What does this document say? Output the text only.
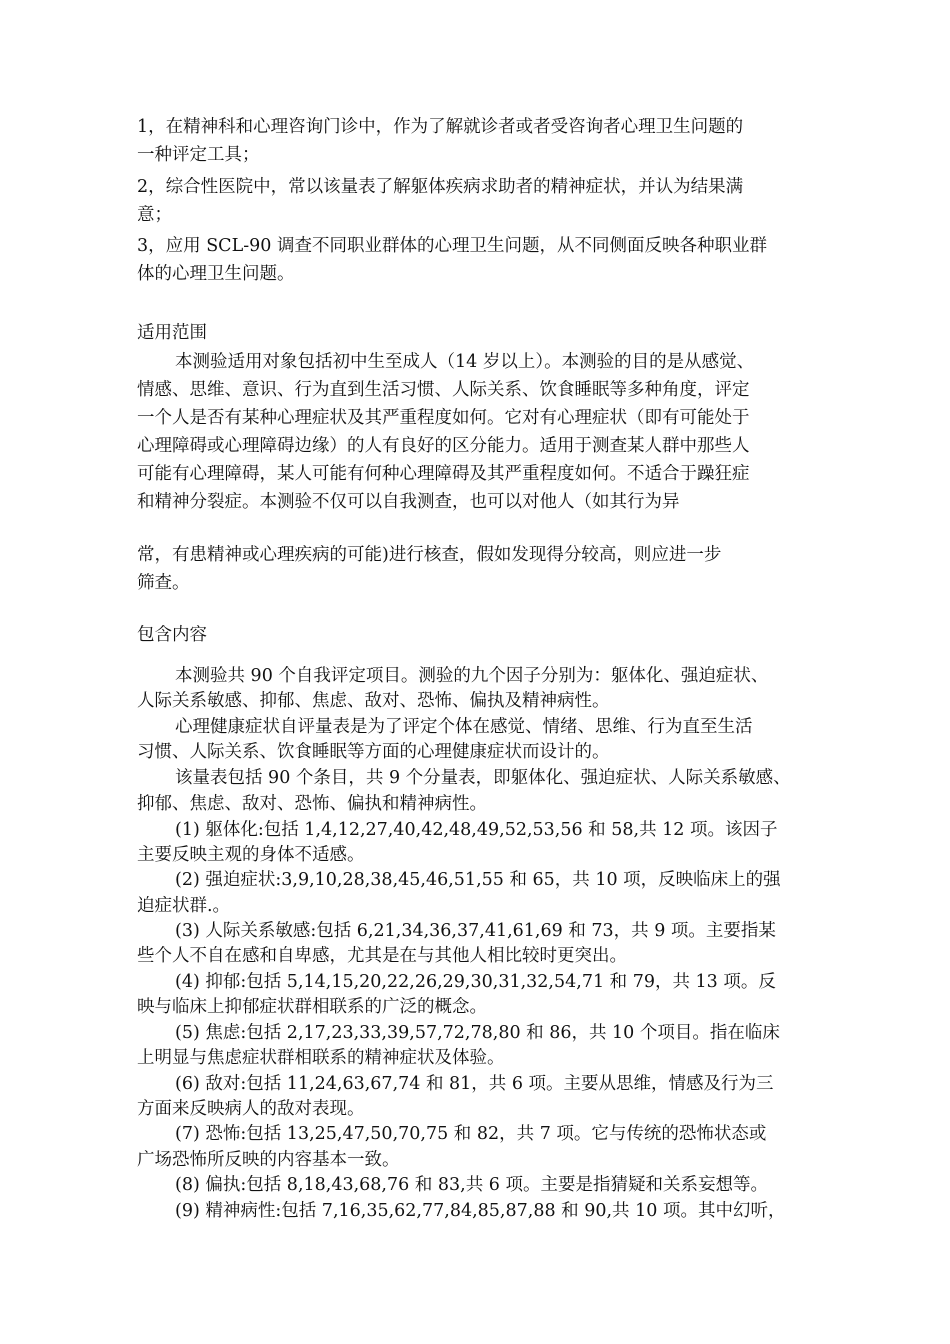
1，在精神科和心理咨询门诊中，作为了解就诊者或者受咨询者心理卫生问题的
一种评定工具；
2，综合性医院中，常以该量表了解躯体疾病求助者的精神症状，并认为结果满
意；
3，应用 SCL-90 调查不同职业群体的心理卫生问题，从不同侧面反映各种职业群
体的心理卫生问题。
适用范围
本测验适用对象包括初中生至成人（14 岁以上）。本测验的目的是从感觉、
情感、思维、意识、行为直到生活习惯、人际关系、饮食睡眠等多种角度，评定
一个人是否有某种心理症状及其严重程度如何。它对有心理症状（即有可能处于
心理障碍或心理障碍边缘）的人有良好的区分能力。适用于测查某人群中那些人
可能有心理障碍，某人可能有何种心理障碍及其严重程度如何。不适合于躁狂症
和精神分裂症。本测验不仅可以自我测查，也可以对他人（如其行为异
常，有患精神或心理疾病的可能)进行核查，假如发现得分较高，则应进一步
筛查。
包含内容
本测验共 90 个自我评定项目。测验的九个因子分别为：躯体化、强迫症状、
人际关系敏感、抑郁、焦虑、敌对、恐怖、偏执及精神病性。
心理健康症状自评量表是为了评定个体在感觉、情绪、思维、行为直至生活
习惯、人际关系、饮食睡眠等方面的心理健康症状而设计的。
该量表包括 90 个条目，共 9 个分量表，即躯体化、强迫症状、人际关系敏感、
抑郁、焦虑、敌对、恐怖、偏执和精神病性。
(1) 躯体化:包括 1,4,12,27,40,42,48,49,52,53,56 和 58,共 12 项。该因子
主要反映主观的身体不适感。
(2) 强迫症状:3,9,10,28,38,45,46,51,55 和 65，共 10 项，反映临床上的强
迫症状群.。
(3) 人际关系敏感:包括 6,21,34,36,37,41,61,69 和 73，共 9 项。主要指某
些个人不自在感和自卑感，尤其是在与其他人相比较时更突出。
(4) 抑郁:包括 5,14,15,20,22,26,29,30,31,32,54,71 和 79，共 13 项。反
映与临床上抑郁症状群相联系的广泛的概念。
(5) 焦虑:包括 2,17,23,33,39,57,72,78,80 和 86，共 10 个项目。指在临床
上明显与焦虑症状群相联系的精神症状及体验。
(6) 敌对:包括 11,24,63,67,74 和 81，共 6 项。主要从思维，情感及行为三
方面来反映病人的敌对表现。
(7) 恐怖:包括 13,25,47,50,70,75 和 82，共 7 项。它与传统的恐怖状态或
广场恐怖所反映的内容基本一致。
(8) 偏执:包括 8,18,43,68,76 和 83,共 6 项。主要是指猜疑和关系妄想等。
(9) 精神病性:包括 7,16,35,62,77,84,85,87,88 和 90,共 10 项。其中幻听，
